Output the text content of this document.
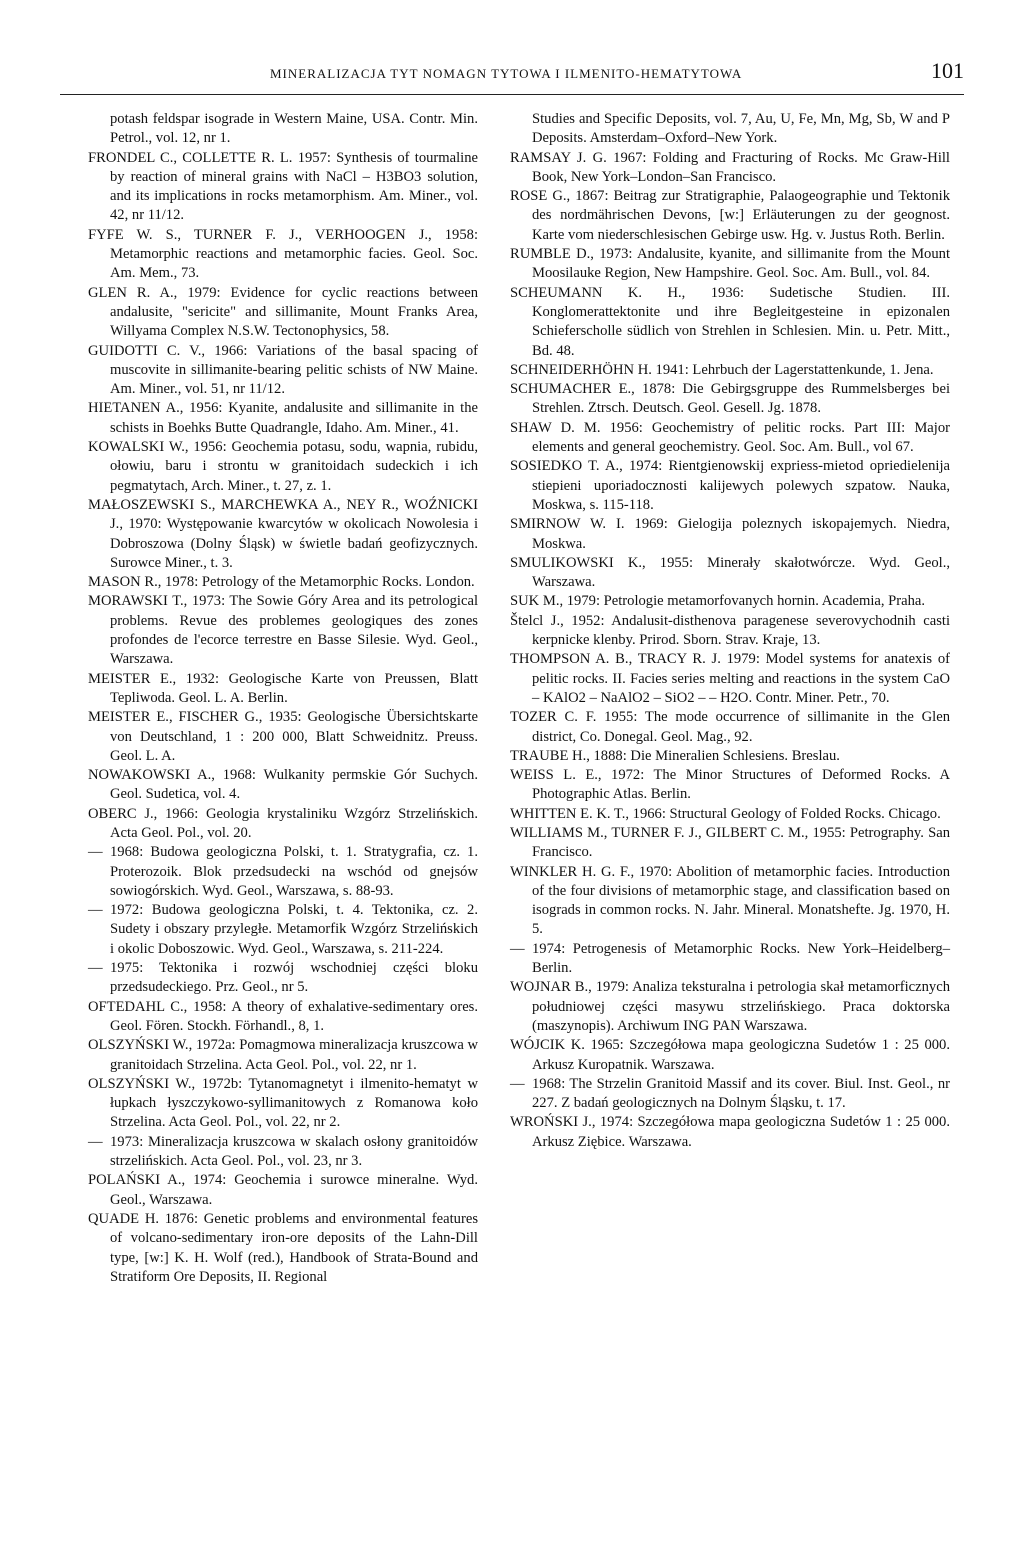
MINERALIZACJA TYT NOMAGN TYTOWA I ILMENITO-HEMATYTOWA	101

potash feldspar isograde in Western Maine, USA. Contr. Min. Petrol., vol. 12, nr 1.

FRONDEL C., COLLETTE R. L. 1957: Synthesis of tourmaline by reaction of mineral grains with NaCl – H3BO3 solution, and its implications in rocks metamorphism. Am. Miner., vol. 42, nr 11/12.

FYFE W. S., TURNER F. J., VERHOOGEN J., 1958: Metamorphic reactions and metamorphic facies. Geol. Soc. Am. Mem., 73.

GLEN R. A., 1979: Evidence for cyclic reactions between andalusite, "sericite" and sillimanite, Mount Franks Area, Willyama Complex N.S.W. Tectonophysics, 58.

GUIDOTTI C. V., 1966: Variations of the basal spacing of muscovite in sillimanite-bearing pelitic schists of NW Maine. Am. Miner., vol. 51, nr 11/12.

HIETANEN A., 1956: Kyanite, andalusite and sillimanite in the schists in Boehks Butte Quadrangle, Idaho. Am. Miner., 41.

KOWALSKI W., 1956: Geochemia potasu, sodu, wapnia, rubidu, ołowiu, baru i strontu w granitoidach sudeckich i ich pegmatytach, Arch. Miner., t. 27, z. 1.

MAŁOSZEWSKI S., MARCHEWKA A., NEY R., WOŹNICKI J., 1970: Występowanie kwarcytów w okolicach Nowolesia i Dobroszowa (Dolny Śląsk) w świetle badań geofizycznych. Surowce Miner., t. 3.

MASON R., 1978: Petrology of the Metamorphic Rocks. London.

MORAWSKI T., 1973: The Sowie Góry Area and its petrological problems. Revue des problemes geologiques des zones profondes de l'ecorce terrestre en Basse Silesie. Wyd. Geol., Warszawa.

MEISTER E., 1932: Geologische Karte von Preussen, Blatt Tepliwoda. Geol. L. A. Berlin.

MEISTER E., FISCHER G., 1935: Geologische Übersichtskarte von Deutschland, 1 : 200 000, Blatt Schweidnitz. Preuss. Geol. L. A.

NOWAKOWSKI A., 1968: Wulkanity permskie Gór Suchych. Geol. Sudetica, vol. 4.

OBERC J., 1966: Geologia krystaliniku Wzgórz Strzelińskich. Acta Geol. Pol., vol. 20.

— 1968: Budowa geologiczna Polski, t. 1. Stratygrafia, cz. 1. Proterozoik. Blok przedsudecki na wschód od gnejsów sowiogórskich. Wyd. Geol., Warszawa, s. 88-93.

— 1972: Budowa geologiczna Polski, t. 4. Tektonika, cz. 2. Sudety i obszary przyległe. Metamorfik Wzgórz Strzelińskich i okolic Doboszowic. Wyd. Geol., Warszawa, s. 211-224.

— 1975: Tektonika i rozwój wschodniej części bloku przedsudeckiego. Prz. Geol., nr 5.

OFTEDAHL C., 1958: A theory of exhalative-sedimentary ores. Geol. Fören. Stockh. Förhandl., 8, 1.

OLSZYŃSKI W., 1972a: Pomagmowa mineralizacja kruszcowa w granitoidach Strzelina. Acta Geol. Pol., vol. 22, nr 1.

OLSZYŃSKI W., 1972b: Tytanomagnetyt i ilmenito-hematyt w łupkach łyszczykowo-syllimanitowych z Romanowa koło Strzelina. Acta Geol. Pol., vol. 22, nr 2.

— 1973: Mineralizacja kruszcowa w skalach osłony granitoidów strzelińskich. Acta Geol. Pol., vol. 23, nr 3.

POLAŃSKI A., 1974: Geochemia i surowce mineralne. Wyd. Geol., Warszawa.

QUADE H. 1876: Genetic problems and environmental features of volcano-sedimentary iron-ore deposits of the Lahn-Dill type, [w:] K. H. Wolf (red.), Handbook of Strata-Bound and Stratiform Ore Deposits, II. Regional

Studies and Specific Deposits, vol. 7, Au, U, Fe, Mn, Mg, Sb, W and P Deposits. Amsterdam–Oxford–New York.

RAMSAY J. G. 1967: Folding and Fracturing of Rocks. Mc Graw-Hill Book, New York–London–San Francisco.

ROSE G., 1867: Beitrag zur Stratigraphie, Palaogeographie und Tektonik des nordmährischen Devons, [w:] Erläuterungen zu der geognost. Karte vom niederschlesischen Gebirge usw. Hg. v. Justus Roth. Berlin.

RUMBLE D., 1973: Andalusite, kyanite, and sillimanite from the Mount Moosilauke Region, New Hampshire. Geol. Soc. Am. Bull., vol. 84.

SCHEUMANN K. H., 1936: Sudetische Studien. III. Konglomerattektonite und ihre Begleitgesteine in epizonalen Schieferscholle südlich von Strehlen in Schlesien. Min. u. Petr. Mitt., Bd. 48.

SCHNEIDERHÖHN H. 1941: Lehrbuch der Lagerstattenkunde, 1. Jena.

SCHUMACHER E., 1878: Die Gebirgsgruppe des Rummelsberges bei Strehlen. Ztrsch. Deutsch. Geol. Gesell. Jg. 1878.

SHAW D. M. 1956: Geochemistry of pelitic rocks. Part III: Major elements and general geochemistry. Geol. Soc. Am. Bull., vol 67.

SOSIEDKO T. A., 1974: Rientgienowskij expriess-mietod opriedielenija stiepieni uporiadocznosti kalijewych polewych szpatow. Nauka, Moskwa, s. 115-118.

SMIRNOW W. I. 1969: Gielogija poleznych iskopajemych. Niedra, Moskwa.

SMULIKOWSKI K., 1955: Minerały skałotwórcze. Wyd. Geol., Warszawa.

SUK M., 1979: Petrologie metamorfovanych hornin. Academia, Praha.

Štelcl J., 1952: Andalusit-disthenova paragenese severovychodnih casti kerpnicke klenby. Prirod. Sborn. Strav. Kraje, 13.

THOMPSON A. B., TRACY R. J. 1979: Model systems for anatexis of pelitic rocks. II. Facies series melting and reactions in the system CaO – KAlO2 – NaAlO2 – SiO2 – – H2O. Contr. Miner. Petr., 70.

TOZER C. F. 1955: The mode occurrence of sillimanite in the Glen district, Co. Donegal. Geol. Mag., 92.

TRAUBE H., 1888: Die Mineralien Schlesiens. Breslau.

WEISS L. E., 1972: The Minor Structures of Deformed Rocks. A Photographic Atlas. Berlin.

WHITTEN E. K. T., 1966: Structural Geology of Folded Rocks. Chicago.

WILLIAMS M., TURNER F. J., GILBERT C. M., 1955: Petrography. San Francisco.

WINKLER H. G. F., 1970: Abolition of metamorphic facies. Introduction of the four divisions of metamorphic stage, and classification based on isograds in common rocks. N. Jahr. Mineral. Monatshefte. Jg. 1970, H. 5.

— 1974: Petrogenesis of Metamorphic Rocks. New York–Heidelberg–Berlin.

WOJNAR B., 1979: Analiza teksturalna i petrologia skał metamorficznych południowej części masywu strzelińskiego. Praca doktorska (maszynopis). Archiwum ING PAN Warszawa.

WÓJCIK K. 1965: Szczegółowa mapa geologiczna Sudetów 1 : 25 000. Arkusz Kuropatnik. Warszawa.

— 1968: The Strzelin Granitoid Massif and its cover. Biul. Inst. Geol., nr 227. Z badań geologicznych na Dolnym Śląsku, t. 17.

WROŃSKI J., 1974: Szczegółowa mapa geologiczna Sudetów 1 : 25 000. Arkusz Ziębice. Warszawa.
